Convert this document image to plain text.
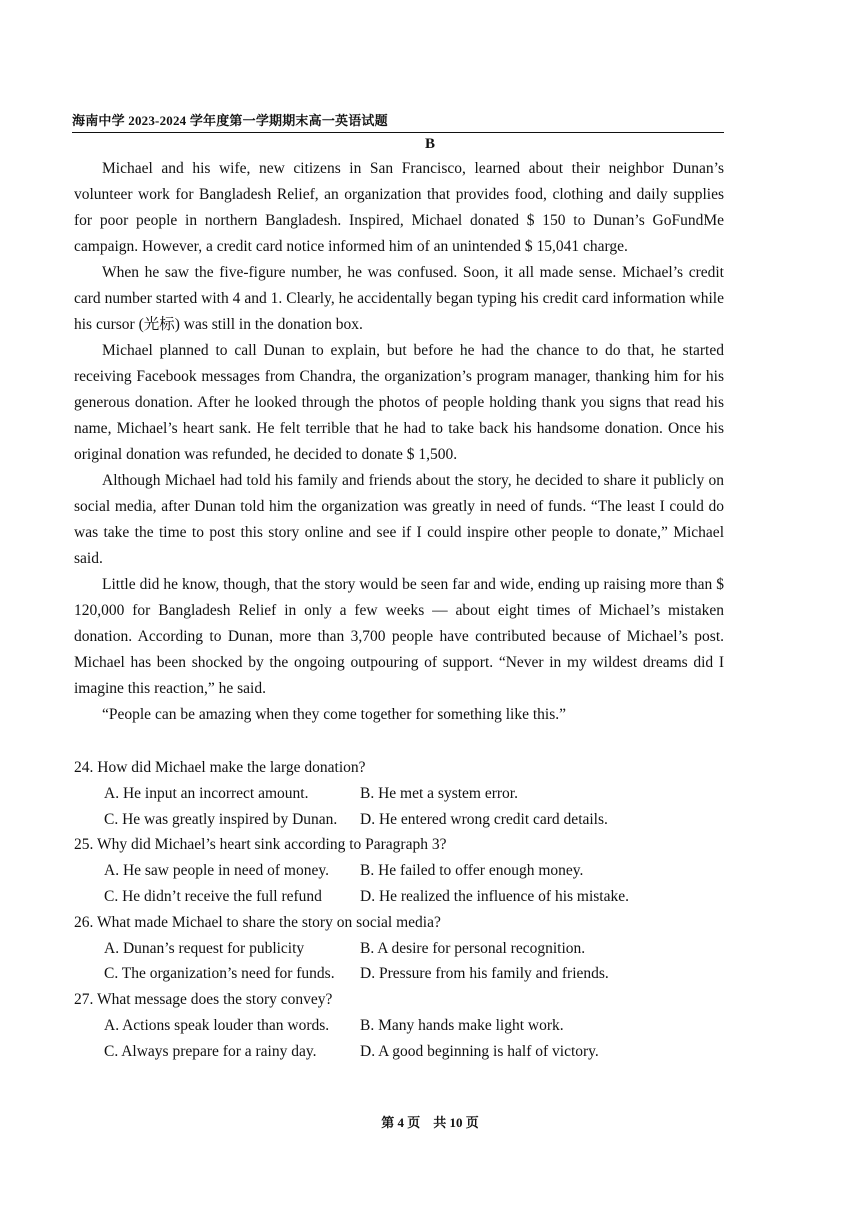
海南中学 2023-2024 学年度第一学期期末高一英语试题
B

Michael and his wife, new citizens in San Francisco, learned about their neighbor Dunan’s volunteer work for Bangladesh Relief, an organization that provides food, clothing and daily supplies for poor people in northern Bangladesh. Inspired, Michael donated $ 150 to Dunan’s GoFundMe campaign. However, a credit card notice informed him of an unintended $ 15,041 charge.

When he saw the five-figure number, he was confused. Soon, it all made sense. Michael’s credit card number started with 4 and 1. Clearly, he accidentally began typing his credit card information while his cursor (光标) was still in the donation box.

Michael planned to call Dunan to explain, but before he had the chance to do that, he started receiving Facebook messages from Chandra, the organization’s program manager, thanking him for his generous donation. After he looked through the photos of people holding thank you signs that read his name, Michael’s heart sank. He felt terrible that he had to take back his handsome donation. Once his original donation was refunded, he decided to donate $ 1,500.

Although Michael had told his family and friends about the story, he decided to share it publicly on social media, after Dunan told him the organization was greatly in need of funds. “The least I could do was take the time to post this story online and see if I could inspire other people to donate,” Michael said.

Little did he know, though, that the story would be seen far and wide, ending up raising more than $ 120,000 for Bangladesh Relief in only a few weeks — about eight times of Michael’s mistaken donation. According to Dunan, more than 3,700 people have contributed because of Michael’s post. Michael has been shocked by the ongoing outpouring of support. “Never in my wildest dreams did I imagine this reaction,” he said.

“People can be amazing when they come together for something like this.”

24. How did Michael make the large donation?

A. He input an incorrect amount.	B. He met a system error.
C. He was greatly inspired by Dunan.	D. He entered wrong credit card details.

25. Why did Michael’s heart sink according to Paragraph 3?

A. He saw people in need of money.	B. He failed to offer enough money.
C. He didn’t receive the full refund	D. He realized the influence of his mistake.

26. What made Michael to share the story on social media?

A. Dunan’s request for publicity	B. A desire for personal recognition.
C. The organization’s need for funds.	D. Pressure from his family and friends.

27. What message does the story convey?

A. Actions speak louder than words.	B. Many hands make light work.
C. Always prepare for a rainy day.	D. A good beginning is half of victory.
第 4 页　共 10 页
